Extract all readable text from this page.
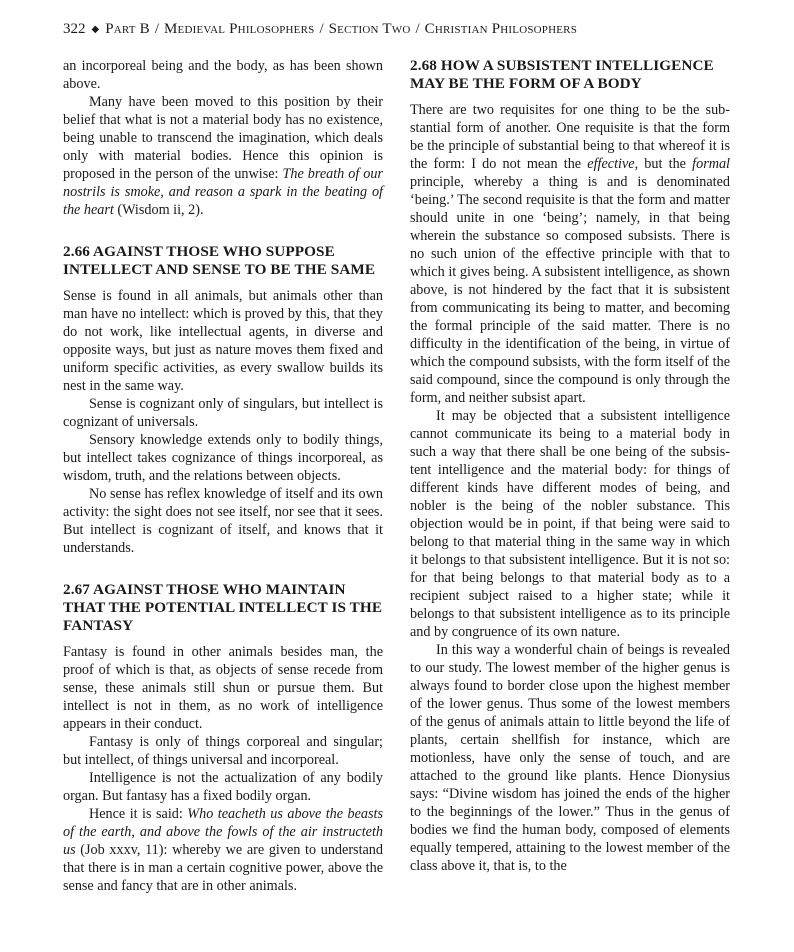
322 ◆ Part B / Medieval Philosophers / Section Two / Christian Philosophers

an incorporeal being and the body, as has been shown above.

Many have been moved to this position by their belief that what is not a material body has no existence, being unable to transcend the imagination, which deals only with material bodies. Hence this opinion is proposed in the person of the unwise: The breath of our nostrils is smoke, and reason a spark in the beating of the heart (Wisdom ii, 2).

2.66 AGAINST THOSE WHO SUPPOSE INTELLECT AND SENSE TO BE THE SAME

Sense is found in all animals, but animals other than man have no intellect: which is proved by this, that they do not work, like intellectual agents, in diverse and opposite ways, but just as nature moves them fixed and uniform specific activities, as every swallow builds its nest in the same way.

Sense is cognizant only of singulars, but intellect is cognizant of universals.

Sensory knowledge extends only to bodily things, but intellect takes cognizance of things incorporeal, as wisdom, truth, and the relations between objects.

No sense has reflex knowledge of itself and its own activity: the sight does not see itself, nor see that it sees. But intellect is cognizant of itself, and knows that it understands.

2.67 AGAINST THOSE WHO MAINTAIN THAT THE POTENTIAL INTELLECT IS THE FANTASY

Fantasy is found in other animals besides man, the proof of which is that, as objects of sense recede from sense, these animals still shun or pursue them. But intellect is not in them, as no work of intelligence appears in their conduct.

Fantasy is only of things corporeal and singular; but intellect, of things universal and incorporeal.

Intelligence is not the actualization of any bodily organ. But fantasy has a fixed bodily organ.

Hence it is said: Who teacheth us above the beasts of the earth, and above the fowls of the air instructeth us (Job xxxv, 11): whereby we are given to understand that there is in man a certain cognitive power, above the sense and fancy that are in other animals.

2.68 HOW A SUBSISTENT INTELLIGENCE MAY BE THE FORM OF A BODY

There are two requisites for one thing to be the substantial form of another. One requisite is that the form be the principle of substantial being to that whereof it is the form: I do not mean the effective, but the formal principle, whereby a thing is and is denominated ‘being.’ The second requisite is that the form and matter should unite in one ‘being’; namely, in that being wherein the substance so composed subsists. There is no such union of the effective principle with that to which it gives being. A subsistent intelligence, as shown above, is not hindered by the fact that it is subsistent from communicating its being to matter, and becoming the formal principle of the said matter. There is no difficulty in the identification of the being, in virtue of which the compound subsists, with the form itself of the said compound, since the compound is only through the form, and neither subsist apart.

It may be objected that a subsistent intelligence cannot communicate its being to a material body in such a way that there shall be one being of the subsistent intelligence and the material body: for things of different kinds have different modes of being, and nobler is the being of the nobler substance. This objection would be in point, if that being were said to belong to that material thing in the same way in which it belongs to that subsistent intelligence. But it is not so: for that being belongs to that material body as to a recipient subject raised to a higher state; while it belongs to that subsistent intelligence as to its principle and by congruence of its own nature.

In this way a wonderful chain of beings is revealed to our study. The lowest member of the higher genus is always found to border close upon the highest member of the lower genus. Thus some of the lowest members of the genus of animals attain to little beyond the life of plants, certain shellfish for instance, which are motionless, have only the sense of touch, and are attached to the ground like plants. Hence Dionysius says: “Divine wisdom has joined the ends of the higher to the beginnings of the lower.” Thus in the genus of bodies we find the human body, composed of elements equally tempered, attaining to the lowest member of the class above it, that is, to the
